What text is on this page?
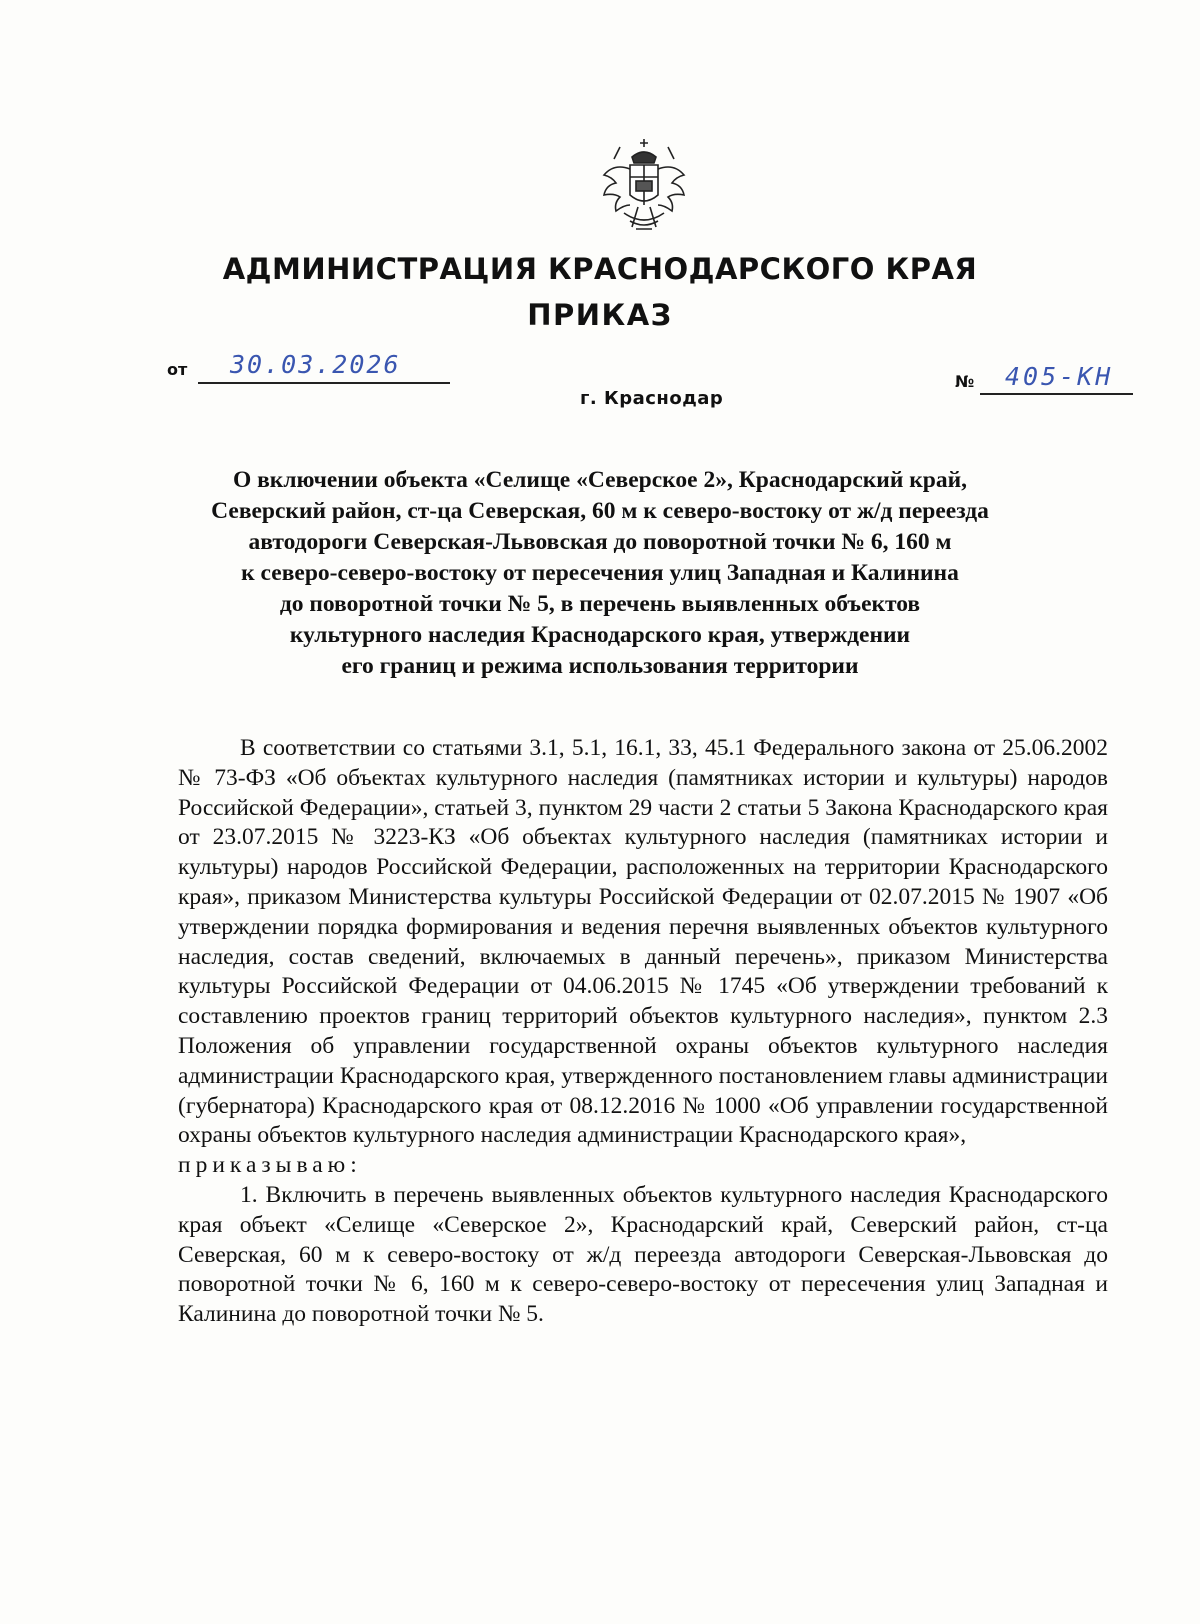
АДМИНИСТРАЦИЯ КРАСНОДАРСКОГО КРАЯ
ПРИКАЗ
от 30.03.2026
г. Краснодар
№ 405-КН
О включении объекта «Селище «Северское 2», Краснодарский край,
Северский район, ст-ца Северская, 60 м к северо-востоку от ж/д переезда
автодороги Северская-Львовская до поворотной точки № 6, 160 м
к северо-северо-востоку от пересечения улиц Западная и Калинина
до поворотной точки № 5, в перечень выявленных объектов
культурного наследия Краснодарского края, утверждении
его границ и режима использования территории
В соответствии со статьями 3.1, 5.1, 16.1, 33, 45.1 Федерального закона от 25.06.2002 № 73-ФЗ «Об объектах культурного наследия (памятниках истории и культуры) народов Российской Федерации», статьей 3, пунктом 29 части 2 статьи 5 Закона Краснодарского края от 23.07.2015 № 3223-КЗ «Об объектах культурного наследия (памятниках истории и культуры) народов Российской Федерации, расположенных на территории Краснодарского края», приказом Министерства культуры Российской Федерации от 02.07.2015 № 1907 «Об утверждении порядка формирования и ведения перечня выявленных объектов культурного наследия, состав сведений, включаемых в данный перечень», приказом Министерства культуры Российской Федерации от 04.06.2015 № 1745 «Об утверждении требований к составлению проектов границ территорий объектов культурного наследия», пунктом 2.3 Положения об управлении государственной охраны объектов культурного наследия администрации Краснодарского края, утвержденного постановлением главы администрации (губернатора) Краснодарского края от 08.12.2016 № 1000 «Об управлении государственной охраны объектов культурного наследия администрации Краснодарского края»,
приказываю:
1. Включить в перечень выявленных объектов культурного наследия Краснодарского края объект «Селище «Северское 2», Краснодарский край, Северский район, ст-ца Северская, 60 м к северо-востоку от ж/д переезда автодороги Северская-Львовская до поворотной точки № 6, 160 м к северо-северо-востоку от пересечения улиц Западная и Калинина до поворотной точки № 5.
